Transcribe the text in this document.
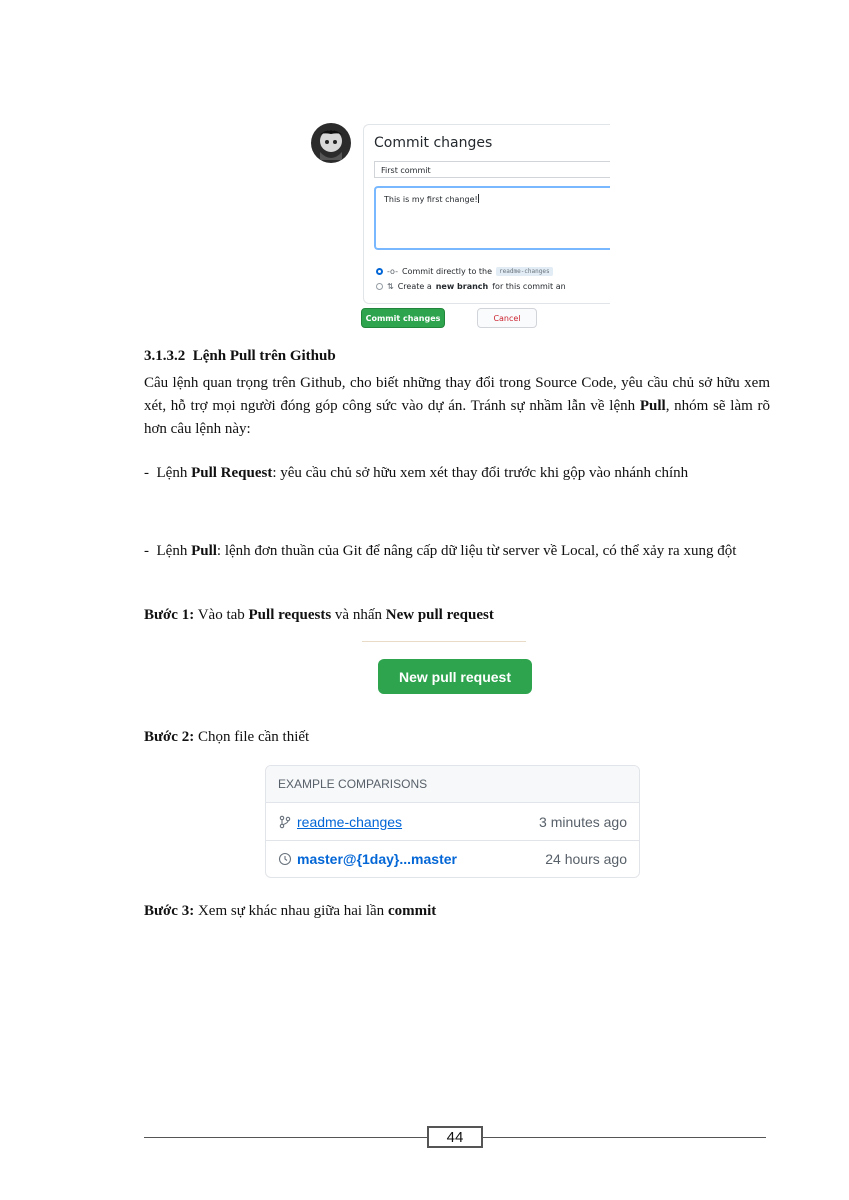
Commit changes
First commit
This is my first change!
-o- Commit directly to the	readme-changes
⇅ Create a new branch for this commit an
Commit changes	Cancel
3.1.3.2 Lệnh Pull trên Github
Câu lệnh quan trọng trên Github, cho biết những thay đổi trong Source Code, yêu cầu chủ sở hữu xem xét, hỗ trợ mọi người đóng góp công sức vào dự án. Tránh sự nhầm lẫn về lệnh Pull, nhóm sẽ làm rõ hơn câu lệnh này:
-  Lệnh Pull Request: yêu cầu chủ sở hữu xem xét thay đổi trước khi gộp vào nhánh chính
-  Lệnh Pull: lệnh đơn thuần của Git để nâng cấp dữ liệu từ server về Local, có thể xảy ra xung đột
Bước 1: Vào tab Pull requests và nhấn New pull request
New pull request
Bước 2: Chọn file cần thiết
EXAMPLE COMPARISONS
readme-changes	3 minutes ago
master@{1day}...master	24 hours ago
Bước 3: Xem sự khác nhau giữa hai lần commit
44
